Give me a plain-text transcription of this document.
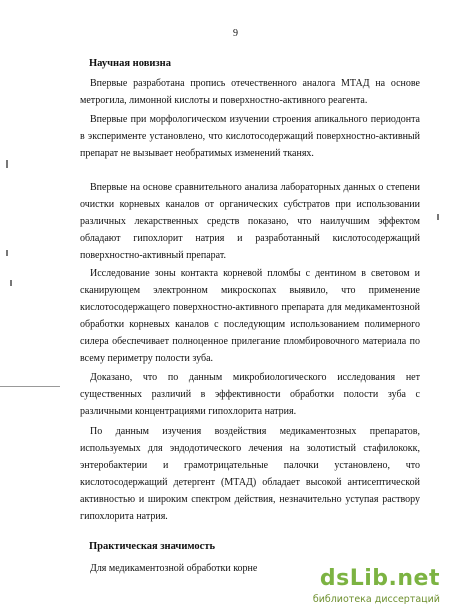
9
Научная новизна

Впервые разработана пропись отечественного аналога МТАД на основе метрогила, лимонной кислоты и поверхностно-активного реагента.

Впервые при морфологическом изучении строения апикального периодонта в эксперименте установлено, что кислотосодержащий поверхностно-активный препарат не вызывает необратимых изменений тканях.

Впервые на основе сравнительного анализа лабораторных данных о степени очистки корневых каналов от органических субстратов при использовании различных лекарственных средств показано, что наилучшим эффектом обладают гипохлорит натрия и разработанный кислотосодержащий поверхностно-активный препарат.

Исследование зоны контакта корневой пломбы с дентином в световом и сканирующем электронном микроскопах выявило, что применение кислотосодержащего поверхностно-активного препарата для медикаментозной обработки корневых каналов с последующим использованием полимерного силера обеспечивает полноценное прилегание пломбировочного материала по всему периметру полости зуба.

Доказано, что по данным микробиологического исследования нет существенных различий в эффективности обработки полости зуба с различными концентрациями гипохлорита натрия.

По данным изучения воздействия медикаментозных препаратов, используемых для эндодотического лечения на золотистый стафилококк, энтеробактерии и грамотрицательные палочки установлено, что кислотосодержащий детергент (МТАД) обладает высокой антисептической активностью и широким спектром действия, незначительно уступая раствору гипохлорита натрия.

Практическая значимость

Для медикаментозной обработки корне	dsLib.net
библиотека диссертаций
